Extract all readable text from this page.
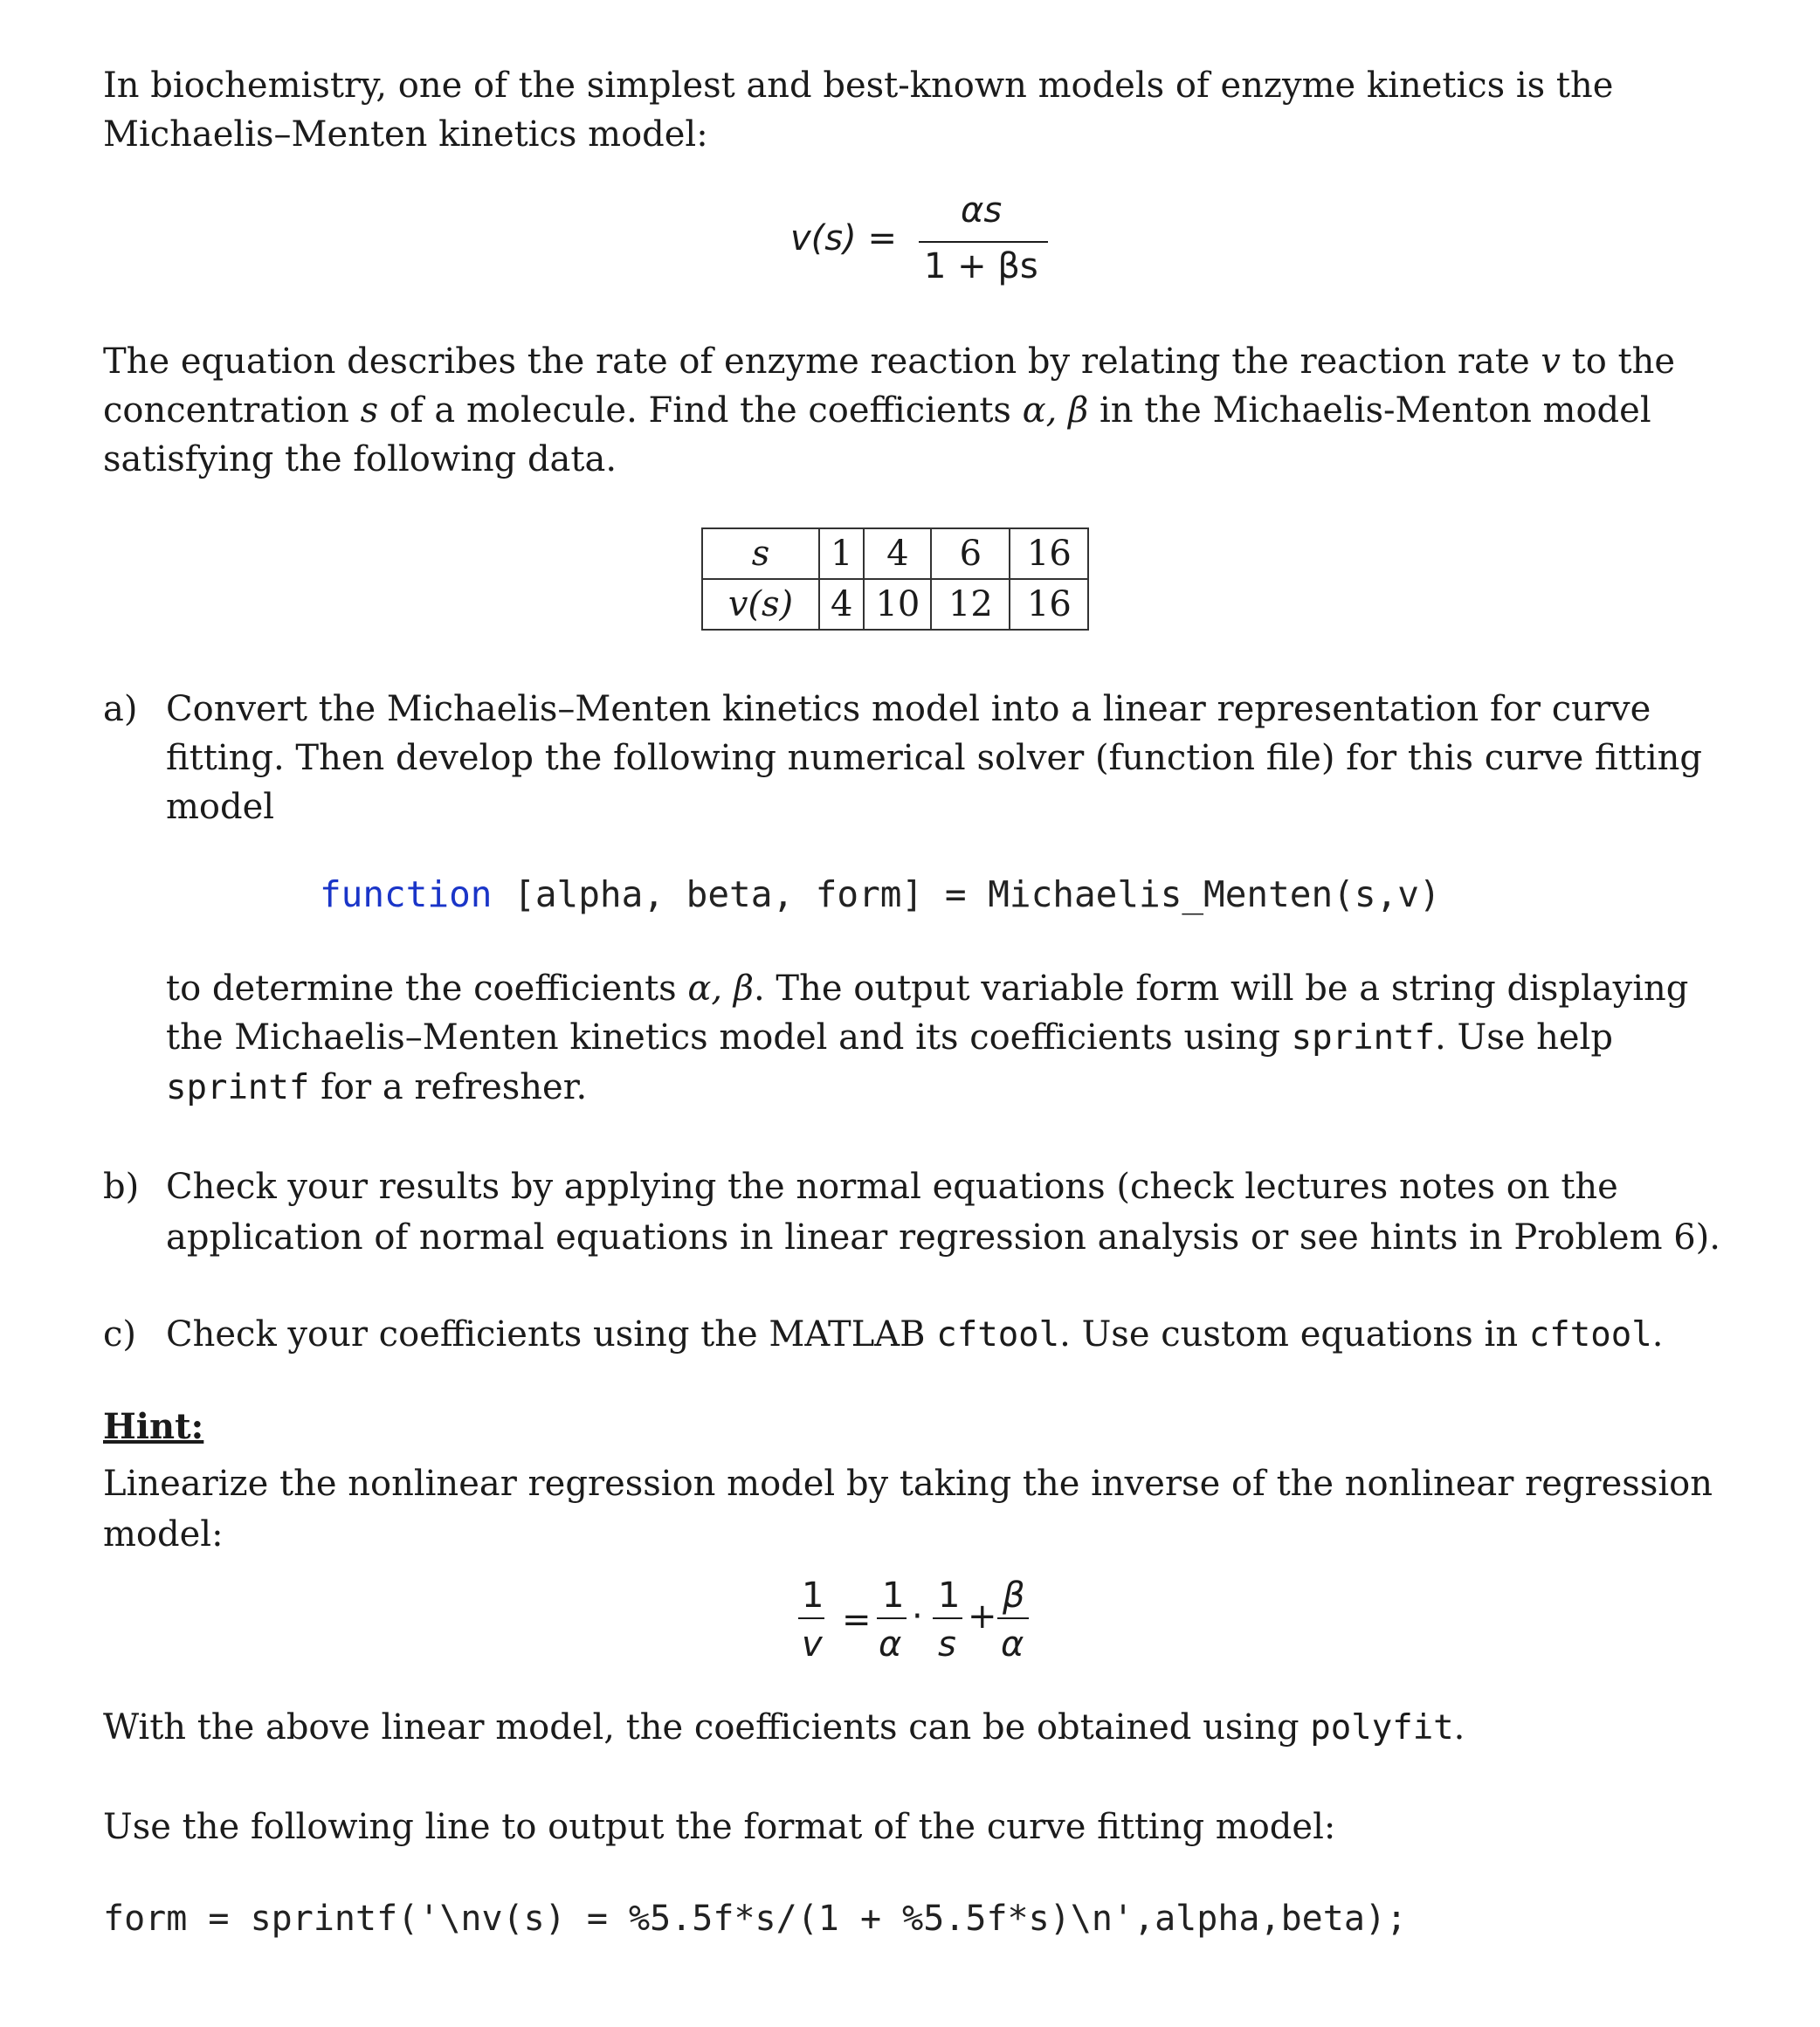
In biochemistry, one of the simplest and best-known models of enzyme kinetics is the
Michaelis–Menten kinetics model:

v(s) =
αs
1 + βs

The equation describes the rate of enzyme reaction by relating the reaction rate v to the
concentration s of a molecule. Find the coefficients α, β in the Michaelis-Menton model
satisfying the following data.

s	1	4	6	16
v(s)	4	10	12	16
a) Convert the Michaelis–Menten kinetics model into a linear representation for curve
fitting. Then develop the following numerical solver (function file) for this curve fitting
model
function [alpha, beta, form] = Michaelis_Menten(s,v)
to determine the coefficients α, β. The output variable form will be a string displaying
the Michaelis–Menten kinetics model and its coefficients using sprintf. Use help
sprintf for a refresher.
b) Check your results by applying the normal equations (check lectures notes on the
application of normal equations in linear regression analysis or see hints in Problem 6).
c) Check your coefficients using the MATLAB cftool. Use custom equations in cftool.
Hint:

Linearize the nonlinear regression model by taking the inverse of the nonlinear regression
model:

1
v
=
1
α
·
1
s
+
β
α

With the above linear model, the coefficients can be obtained using polyfit.

Use the following line to output the format of the curve fitting model:

form = sprintf('\nv(s) = %5.5f*s/(1 + %5.5f*s)\n',alpha,beta);
